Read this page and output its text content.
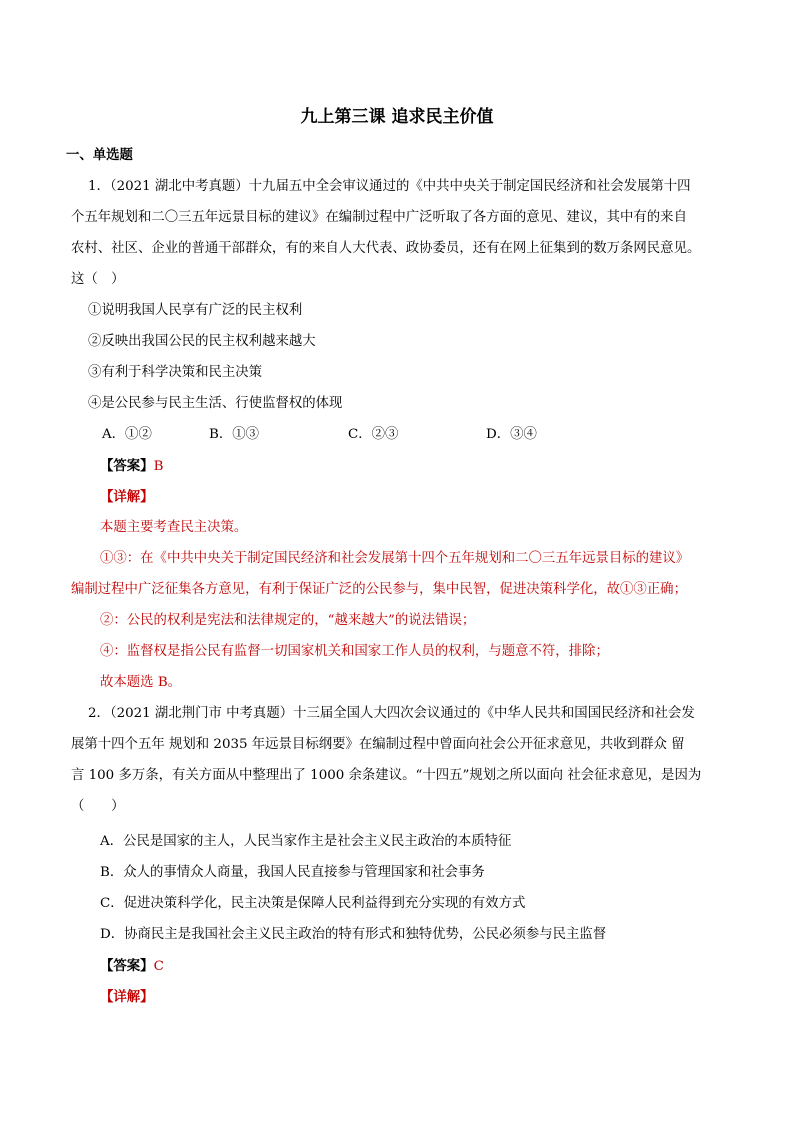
九上第三课 追求民主价值
一、单选题
1．（2021 湖北中考真题）十九届五中全会审议通过的《中共中央关于制定国民经济和社会发展第十四
个五年规划和二〇三五年远景目标的建议》在编制过程中广泛听取了各方面的意见、建议，其中有的来自
农村、社区、企业的普通干部群众，有的来自人大代表、政协委员，还有在网上征集到的数万条网民意见。
这（　）
①说明我国人民享有广泛的民主权利
②反映出我国公民的民主权利越来越大
③有利于科学决策和民主决策
④是公民参与民主生活、行使监督权的体现
A．①②	B．①③	C．②③	D．③④
【答案】B
【详解】
本题主要考查民主决策。
①③：在《中共中央关于制定国民经济和社会发展第十四个五年规划和二〇三五年远景目标的建议》
编制过程中广泛征集各方意见，有利于保证广泛的公民参与，集中民智，促进决策科学化，故①③正确；
②：公民的权利是宪法和法律规定的，“越来越大”的说法错误；
④：监督权是指公民有监督一切国家机关和国家工作人员的权利，与题意不符，排除；
故本题选 B。
2．（2021 湖北荆门市 中考真题）十三届全国人大四次会议通过的《中华人民共和国国民经济和社会发
展第十四个五年 规划和 2035 年远景目标纲要》在编制过程中曾面向社会公开征求意见，共收到群众 留
言 100 多万条，有关方面从中整理出了 1000 余条建议。“十四五”规划之所以面向 社会征求意见，是因为
（　　）
A．公民是国家的主人，人民当家作主是社会主义民主政治的本质特征
B．众人的事情众人商量，我国人民直接参与管理国家和社会事务
C．促进决策科学化，民主决策是保障人民利益得到充分实现的有效方式
D．协商民主是我国社会主义民主政治的特有形式和独特优势，公民必须参与民主监督
【答案】C
【详解】
